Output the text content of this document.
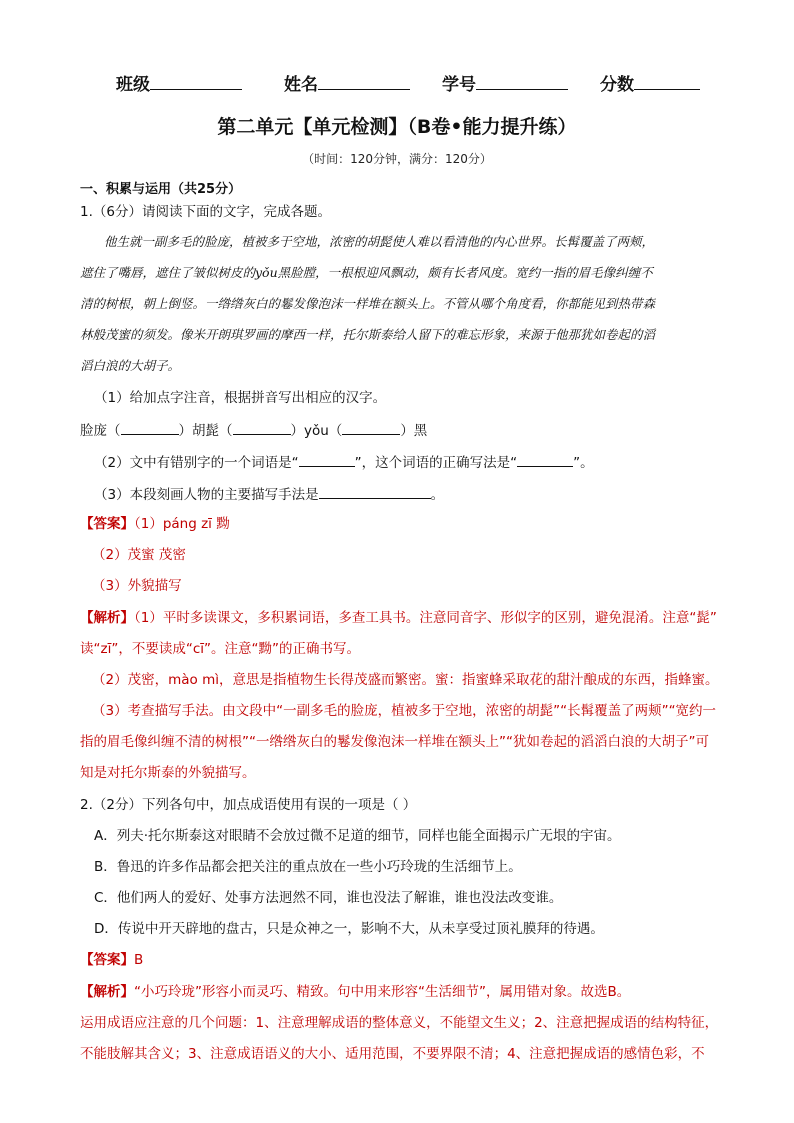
班级	姓名	学号	分数
第二单元【单元检测】（B卷•能力提升练）
（时间：120分钟，满分：120分）
一、积累与运用（共25分）
1.（6分）请阅读下面的文字，完成各题。
他生就一副多毛的脸庞，植被多于空地，浓密的胡髭使人难以看清他的内心世界。长髯覆盖了两颊，
遮住了嘴唇，遮住了皱似树皮的yǒu黑脸膛，一根根迎风飘动，颇有长者风度。宽约一指的眉毛像纠缠不
清的树根，朝上倒竖。一绺绺灰白的鬈发像泡沫一样堆在额头上。不管从哪个角度看，你都能见到热带森
林般茂蜜的须发。像米开朗琪罗画的摩西一样，托尔斯泰给人留下的难忘形象，来源于他那犹如卷起的滔
滔白浪的大胡子。
（1）给加点字注音，根据拼音写出相应的汉字。
脸庞（	）胡髭（	）yǒu（	）黑
（2）文中有错别字的一个词语是“	”，这个词语的正确写法是“	”。
（3）本段刻画人物的主要描写手法是	。
【答案】（1）páng zī 黝
（2）茂蜜 茂密
（3）外貌描写
【解析】（1）平时多读课文，多积累词语，多查工具书。注意同音字、形似字的区别，避免混淆。注意“髭”
读“zī”，不要读成“cī”。注意“黝”的正确书写。
（2）茂密，mào mì，意思是指植物生长得茂盛而繁密。蜜：指蜜蜂采取花的甜汁酿成的东西，指蜂蜜。
（3）考查描写手法。由文段中“一副多毛的脸庞，植被多于空地，浓密的胡髭”“长髯覆盖了两颊”“宽约一
指的眉毛像纠缠不清的树根”“一绺绺灰白的鬈发像泡沫一样堆在额头上”“犹如卷起的滔滔白浪的大胡子”可
知是对托尔斯泰的外貌描写。
2.（2分）下列各句中，加点成语使用有误的一项是（ ）
A．列夫·托尔斯泰这对眼睛不会放过微不足道的细节，同样也能全面揭示广无垠的宇宙。
B．鲁迅的许多作品都会把关注的重点放在一些小巧玲珑的生活细节上。
C．他们两人的爱好、处事方法迥然不同，谁也没法了解谁，谁也没法改变谁。
D．传说中开天辟地的盘古，只是众神之一，影响不大，从未享受过顶礼膜拜的待遇。
【答案】B
【解析】“小巧玲珑”形容小而灵巧、精致。句中用来形容“生活细节”，属用错对象。故选B。
运用成语应注意的几个问题：1、注意理解成语的整体意义，不能望文生义；2、注意把握成语的结构特征，
不能肢解其含义；3、注意成语语义的大小、适用范围，不要界限不清；4、注意把握成语的感情色彩，不
